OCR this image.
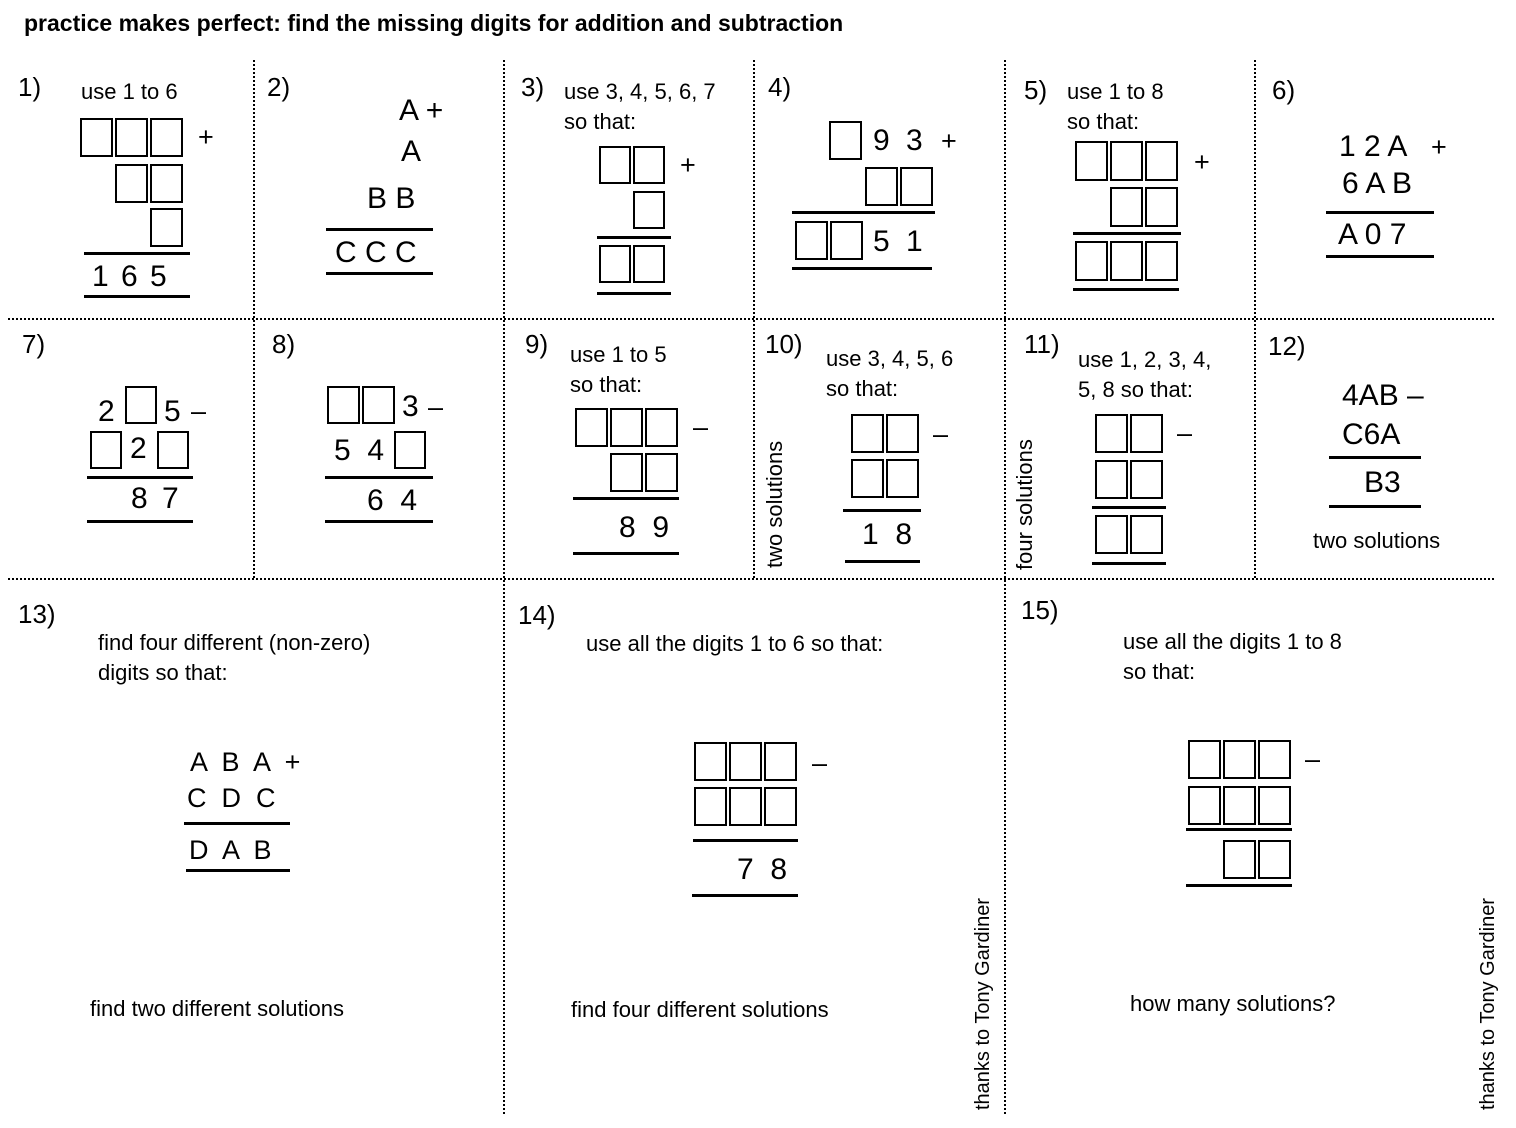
practice makes perfect: find the missing digits for addition and subtraction
1) use 1 to 6
+
1 6 5
2)
A +
A
B B
C C C
3) use 3, 4, 5, 6, 7
so that:
+
4)
9 3 +
5 1
5) use 1 to 8
so that:
+
6)
1 2 A +
6 A B
A 0 7
7)
2 5 –
2
8 7
8)
3 –
5  4
6  4
9) use 1 to 5
so that:
–
8  9
10) use 3, 4, 5, 6
so that:
two solutions
–
1  8
11)
use 1, 2, 3, 4,
5, 8 so that:
four solutions
–
12)
4AB –
C6A
B3
two solutions
13)
find four different (non-zero)
digits so that:
A  B  A  +
C  D  C
D  A  B
find two different solutions
14)
use all the digits 1 to 6 so that:
–
7  8
find four different solutions
15)
use all the digits 1 to 8
so that:
–
how many solutions?
thanks to Tony Gardiner	thanks to Tony Gardiner
